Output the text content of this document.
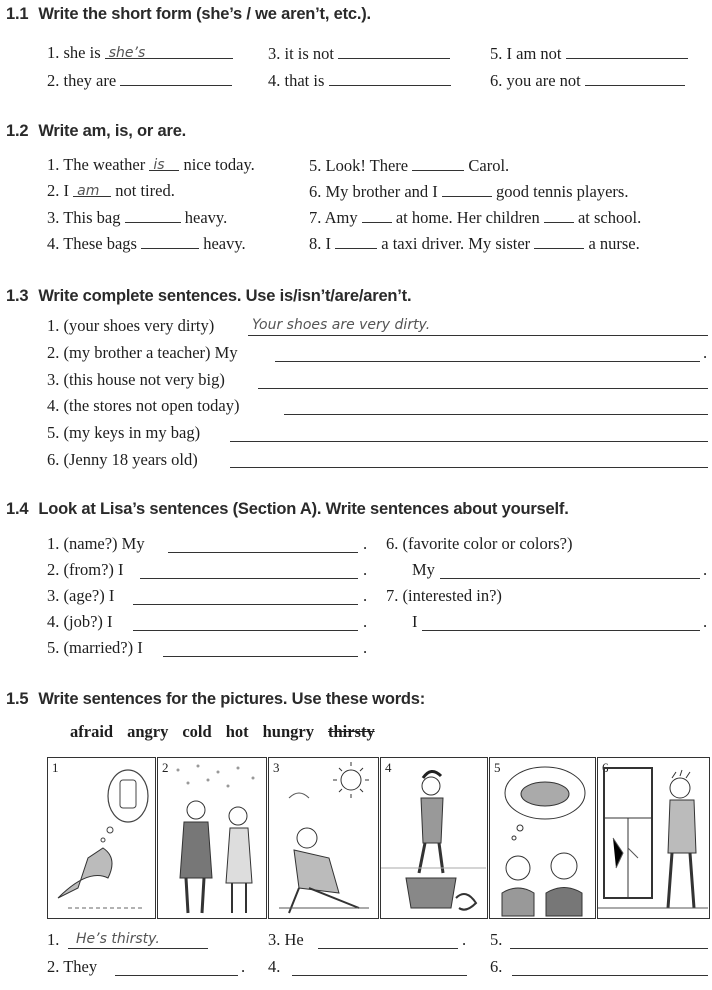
1.1 Write the short form (she’s / we aren’t, etc.).
1. she is she’s
2. they are
3. it is not
4. that is
5. I am not
6. you are not
1.2 Write am, is, or are.
1. The weather is nice today.
2. I am not tired.
3. This bag	heavy.
4. These bags	heavy.
5. Look! There	Carol.
6. My brother and I	good tennis players.
7. Amy at home. Her children at school.
8. I	a taxi driver. My sister	a nurse.
1.3 Write complete sentences. Use is/isn’t/are/aren’t.
1. (your shoes very dirty)	Your shoes are very dirty.
2. (my brother a teacher) My	.
3. (this house not very big)
4. (the stores not open today)
5. (my keys in my bag)
6. (Jenny 18 years old)
1.4 Look at Lisa’s sentences (Section A). Write sentences about yourself.
1. (name?) My	.
2. (from?) I	.
3. (age?) I	.
4. (job?) I	.
5. (married?) I	.
6. (favorite color or colors?)
My	.
7. (interested in?)
I	.
1.5 Write sentences for the pictures. Use these words:
afraid angry cold hot hungry thirsty
1	2	3	4	5	6
1. He’s thirsty.
2. They	.
3. He	.
4.
5.
6.
